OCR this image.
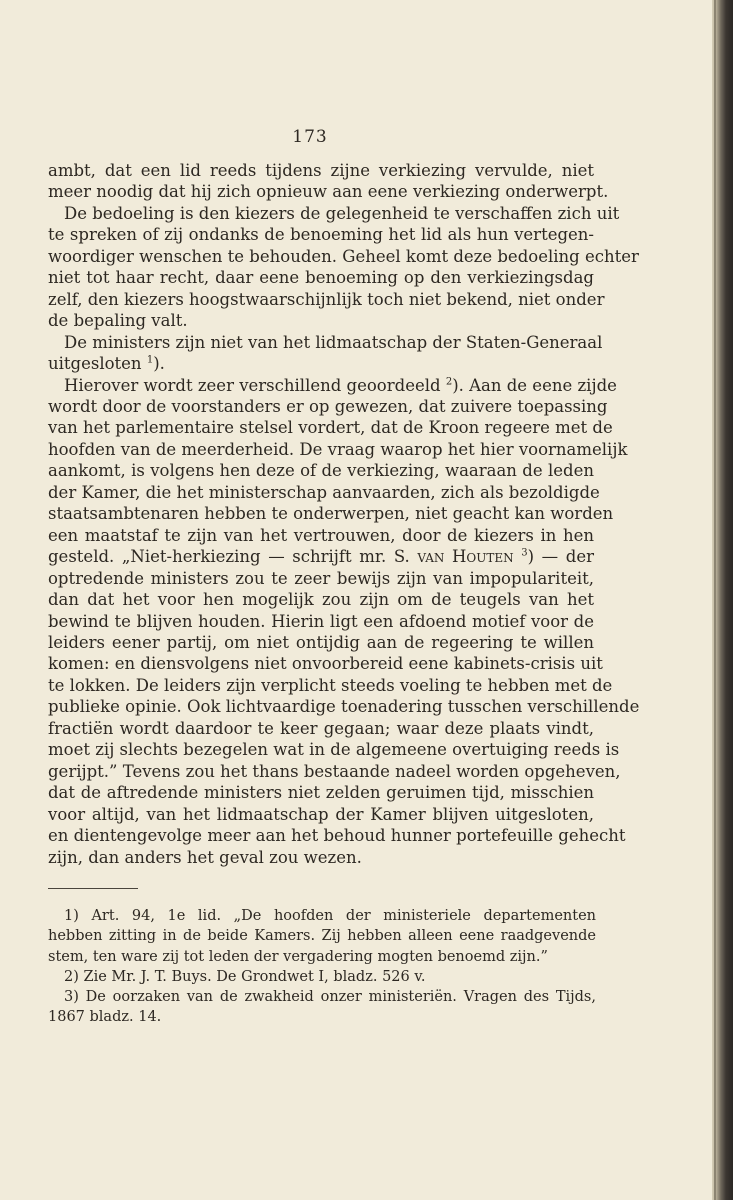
173
ambt, dat een lid reeds tijdens zijne verkiezing vervulde, niet
meer noodig dat hij zich opnieuw aan eene verkiezing onderwerpt.
De bedoeling is den kiezers de gelegenheid te verschaffen zich uit
te spreken of zij ondanks de benoeming het lid als hun vertegen-
woordiger wenschen te behouden. Geheel komt deze bedoeling echter
niet tot haar recht, daar eene benoeming op den verkiezingsdag
zelf, den kiezers hoogstwaarschijnlijk toch niet bekend, niet onder
de bepaling valt.
De ministers zijn niet van het lidmaatschap der Staten-Generaal
uitgesloten $^1$).
Hierover wordt zeer verschillend geoordeeld $^2$). Aan de eene zijde
wordt door de voorstanders er op gewezen, dat zuivere toepassing
van het parlementaire stelsel vordert, dat de Kroon regeere met de
hoofden van de meerderheid. De vraag waarop het hier voornamelijk
aankomt, is volgens hen deze of de verkiezing, waaraan de leden
der Kamer, die het ministerschap aanvaarden, zich als bezoldigde
staatsambtenaren hebben te onderwerpen, niet geacht kan worden
een maatstaf te zijn van het vertrouwen, door de kiezers in hen
gesteld. „Niet-herkiezing — schrijft mr. S. van Houten $^3$) — der
optredende ministers zou te zeer bewijs zijn van impopulariteit,
dan dat het voor hen mogelijk zou zijn om de teugels van het
bewind te blijven houden. Hierin ligt een afdoend motief voor de
leiders eener partij, om niet ontijdig aan de regeering te willen
komen: en diensvolgens niet onvoorbereid eene kabinets-crisis uit
te lokken. De leiders zijn verplicht steeds voeling te hebben met de
publieke opinie. Ook lichtvaardige toenadering tusschen verschillende
fractiën wordt daardoor te keer gegaan; waar deze plaats vindt,
moet zij slechts bezegelen wat in de algemeene overtuiging reeds is
gerijpt.” Tevens zou het thans bestaande nadeel worden opgeheven,
dat de aftredende ministers niet zelden geruimen tijd, misschien
voor altijd, van het lidmaatschap der Kamer blijven uitgesloten,
en dientengevolge meer aan het behoud hunner portefeuille gehecht
zijn, dan anders het geval zou wezen.
1) Art. 94, 1e lid. „De hoofden der ministeriele departementen
hebben zitting in de beide Kamers. Zij hebben alleen eene raadgevende
stem, ten ware zij tot leden der vergadering mogten benoemd zijn.”
2) Zie Mr. J. T. Buys. De Grondwet I, bladz. 526 v.
3) De oorzaken van de zwakheid onzer ministeriën. Vragen des Tijds,
1867 bladz. 14.
